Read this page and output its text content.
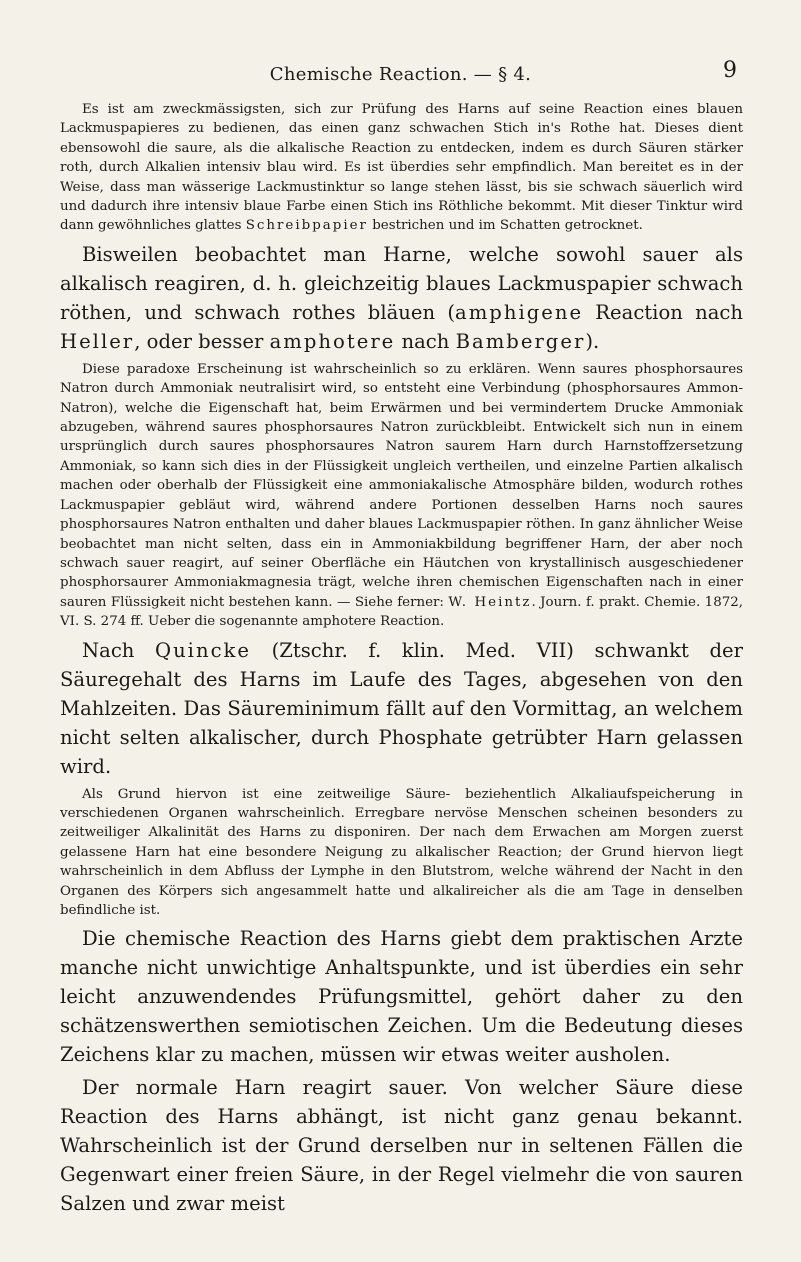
Chemische Reaction. — § 4.	9

Es ist am zweckmässigsten, sich zur Prüfung des Harns auf seine Reaction eines blauen Lackmuspapieres zu bedienen, das einen ganz schwachen Stich in's Rothe hat. Dieses dient ebensowohl die saure, als die alkalische Reaction zu entdecken, indem es durch Säuren stärker roth, durch Alkalien intensiv blau wird. Es ist überdies sehr empfindlich. Man bereitet es in der Weise, dass man wässerige Lackmustinktur so lange stehen lässt, bis sie schwach säuerlich wird und dadurch ihre intensiv blaue Farbe einen Stich ins Röthliche bekommt. Mit dieser Tinktur wird dann gewöhnliches glattes Schreibpapier bestrichen und im Schatten getrocknet.

Bisweilen beobachtet man Harne, welche sowohl sauer als alkalisch reagiren, d. h. gleichzeitig blaues Lackmuspapier schwach röthen, und schwach rothes bläuen (amphigene Reaction nach Heller, oder besser amphotere nach Bamberger).

Diese paradoxe Erscheinung ist wahrscheinlich so zu erklären. Wenn saures phosphorsaures Natron durch Ammoniak neutralisirt wird, so entsteht eine Verbindung (phosphorsaures Ammon-Natron), welche die Eigenschaft hat, beim Erwärmen und bei vermindertem Drucke Ammoniak abzugeben, während saures phosphorsaures Natron zurückbleibt. Entwickelt sich nun in einem ursprünglich durch saures phosphorsaures Natron saurem Harn durch Harnstoffzersetzung Ammoniak, so kann sich dies in der Flüssigkeit ungleich vertheilen, und einzelne Partien alkalisch machen oder oberhalb der Flüssigkeit eine ammoniakalische Atmosphäre bilden, wodurch rothes Lackmuspapier gebläut wird, während andere Portionen desselben Harns noch saures phosphorsaures Natron enthalten und daher blaues Lackmuspapier röthen. In ganz ähnlicher Weise beobachtet man nicht selten, dass ein in Ammoniakbildung begriffener Harn, der aber noch schwach sauer reagirt, auf seiner Oberfläche ein Häutchen von krystallinisch ausgeschiedener phosphorsaurer Ammoniakmagnesia trägt, welche ihren chemischen Eigenschaften nach in einer sauren Flüssigkeit nicht bestehen kann. — Siehe ferner: W. Heintz. Journ. f. prakt. Chemie. 1872, VI. S. 274 ff. Ueber die sogenannte amphotere Reaction.

Nach Quincke (Ztschr. f. klin. Med. VII) schwankt der Säuregehalt des Harns im Laufe des Tages, abgesehen von den Mahlzeiten. Das Säureminimum fällt auf den Vormittag, an welchem nicht selten alkalischer, durch Phosphate getrübter Harn gelassen wird.

Als Grund hiervon ist eine zeitweilige Säure- beziehentlich Alkaliaufspeicherung in verschiedenen Organen wahrscheinlich. Erregbare nervöse Menschen scheinen besonders zu zeitweiliger Alkalinität des Harns zu disponiren. Der nach dem Erwachen am Morgen zuerst gelassene Harn hat eine besondere Neigung zu alkalischer Reaction; der Grund hiervon liegt wahrscheinlich in dem Abfluss der Lymphe in den Blutstrom, welche während der Nacht in den Organen des Körpers sich angesammelt hatte und alkalireicher als die am Tage in denselben befindliche ist.

Die chemische Reaction des Harns giebt dem praktischen Arzte manche nicht unwichtige Anhaltspunkte, und ist überdies ein sehr leicht anzuwendendes Prüfungsmittel, gehört daher zu den schätzenswerthen semiotischen Zeichen. Um die Bedeutung dieses Zeichens klar zu machen, müssen wir etwas weiter ausholen.

Der normale Harn reagirt sauer. Von welcher Säure diese Reaction des Harns abhängt, ist nicht ganz genau bekannt. Wahrscheinlich ist der Grund derselben nur in seltenen Fällen die Gegenwart einer freien Säure, in der Regel vielmehr die von sauren Salzen und zwar meist
